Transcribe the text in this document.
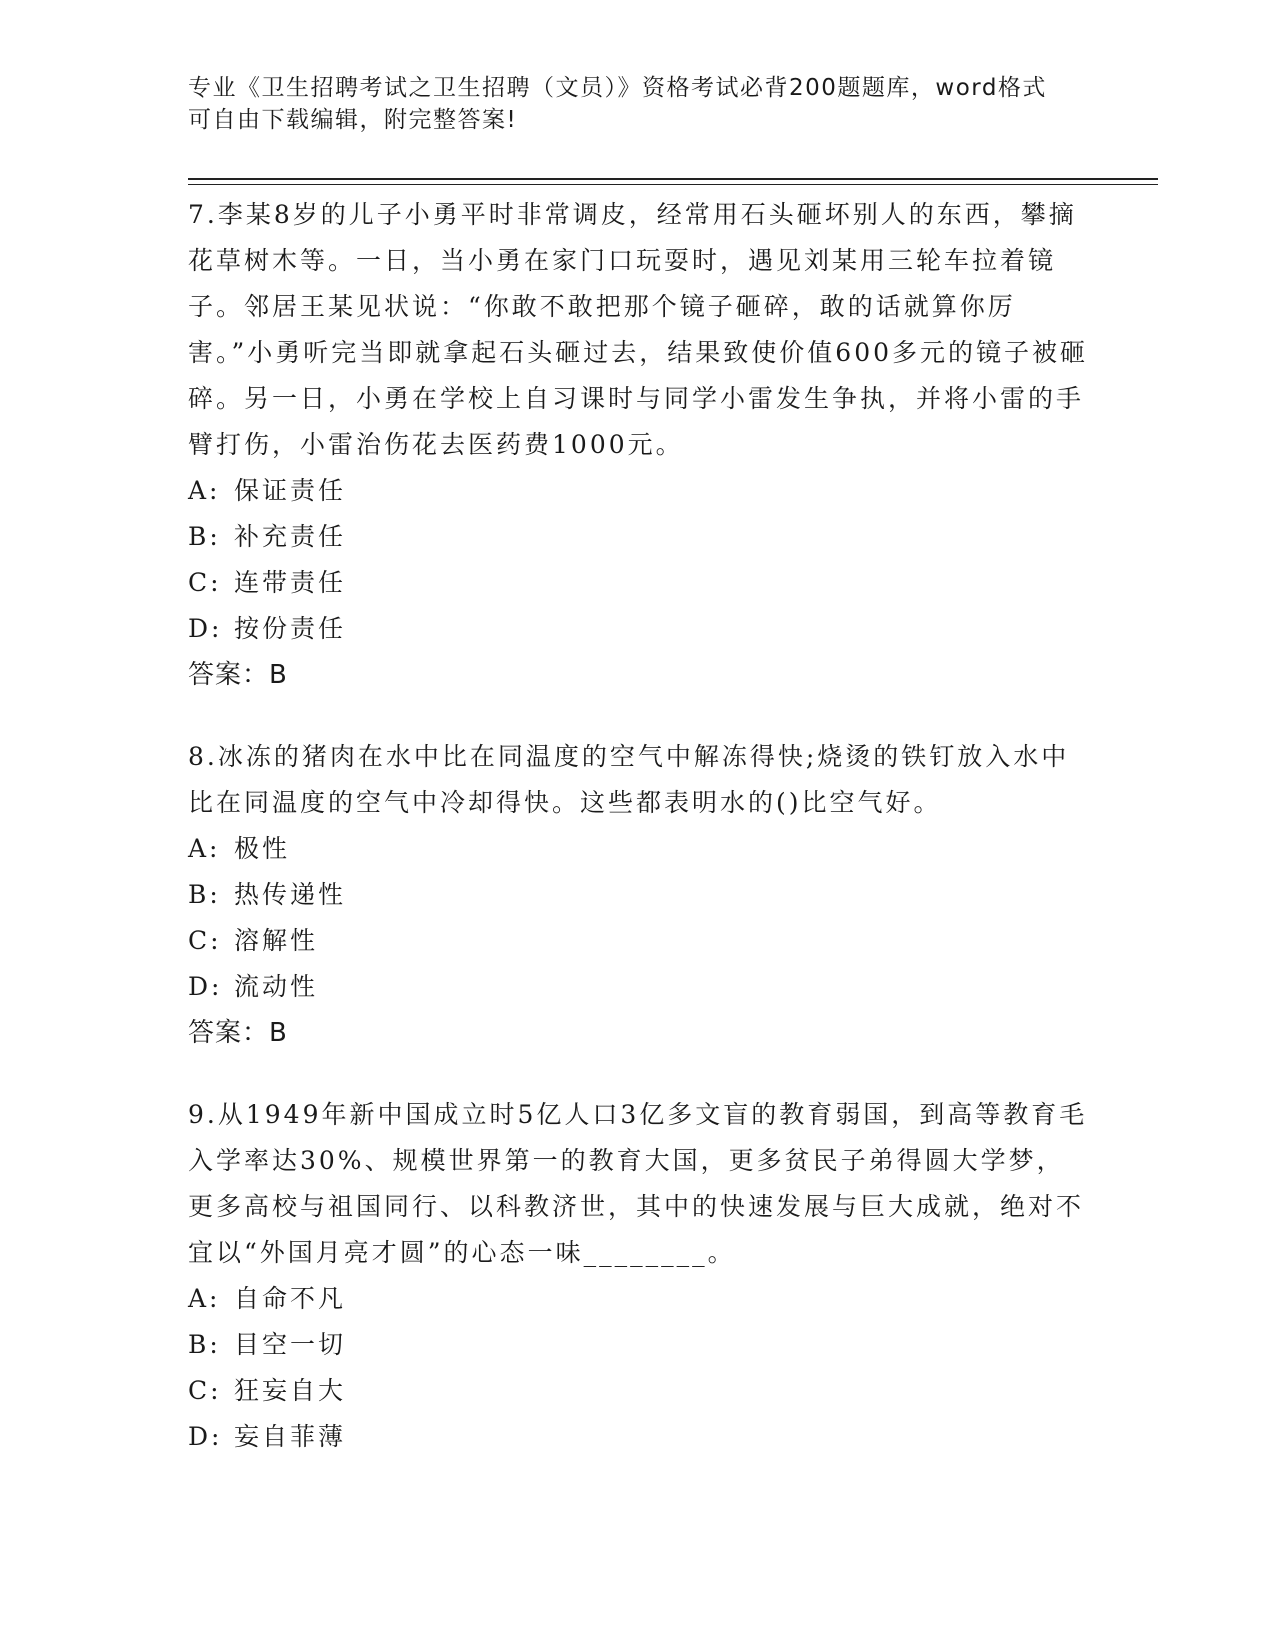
专业《卫生招聘考试之卫生招聘（文员）》资格考试必背200题题库，word格式
可自由下载编辑，附完整答案!

7.李某8岁的儿子小勇平时非常调皮，经常用石头砸坏别人的东西，攀摘花草树木等。一日，当小勇在家门口玩耍时，遇见刘某用三轮车拉着镜子。邻居王某见状说：“你敢不敢把那个镜子砸碎，敢的话就算你厉害。”小勇听完当即就拿起石头砸过去，结果致使价值600多元的镜子被砸碎。另一日，小勇在学校上自习课时与同学小雷发生争执，并将小雷的手臂打伤，小雷治伤花去医药费1000元。

A: 保证责任
B: 补充责任
C: 连带责任
D: 按份责任
答案：B

8.冰冻的猪肉在水中比在同温度的空气中解冻得快;烧烫的铁钉放入水中比在同温度的空气中冷却得快。这些都表明水的()比空气好。

A: 极性
B: 热传递性
C: 溶解性
D: 流动性
答案：B

9.从1949年新中国成立时5亿人口3亿多文盲的教育弱国，到高等教育毛入学率达30%、规模世界第一的教育大国，更多贫民子弟得圆大学梦，更多高校与祖国同行、以科教济世，其中的快速发展与巨大成就，绝对不宜以“外国月亮才圆”的心态一味________。

A: 自命不凡
B: 目空一切
C: 狂妄自大
D: 妄自菲薄
